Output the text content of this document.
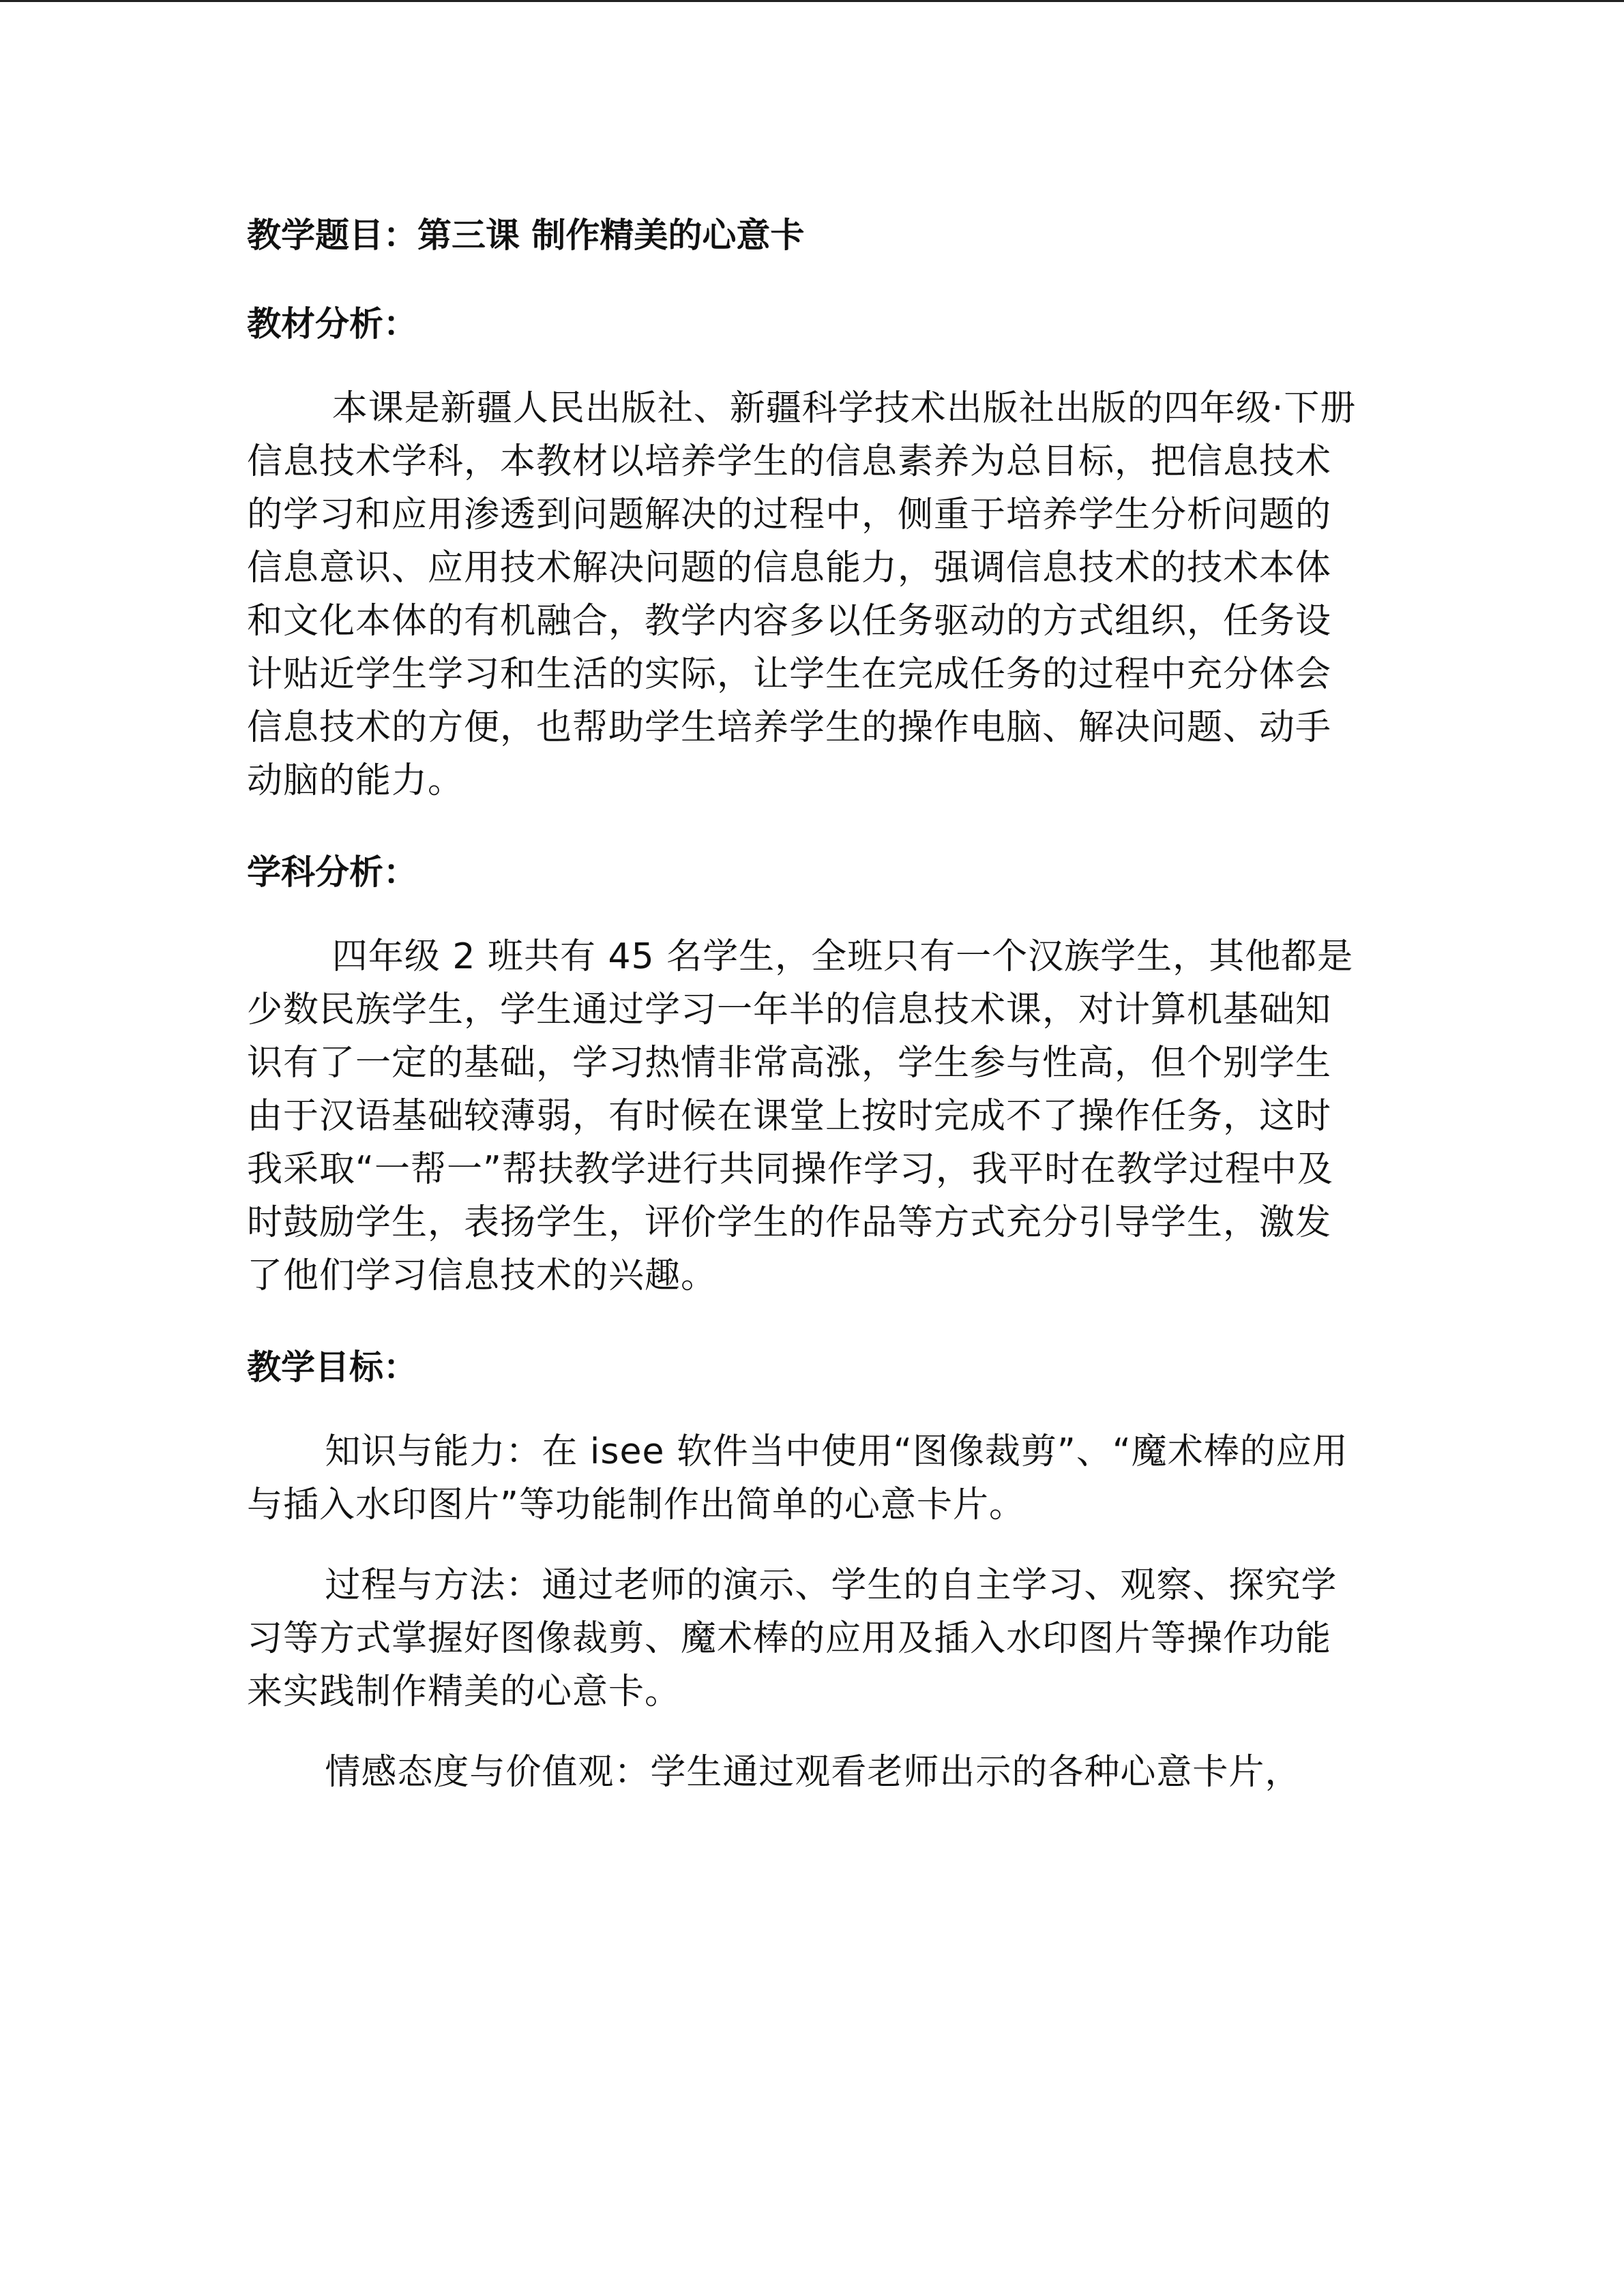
教学题目：第三课 制作精美的心意卡

教材分析：

本课是新疆人民出版社、新疆科学技术出版社出版的四年级·下册信息技术学科，本教材以培养学生的信息素养为总目标，把信息技术的学习和应用渗透到问题解决的过程中，侧重于培养学生分析问题的信息意识、应用技术解决问题的信息能力，强调信息技术的技术本体和文化本体的有机融合，教学内容多以任务驱动的方式组织，任务设计贴近学生学习和生活的实际，让学生在完成任务的过程中充分体会信息技术的方便，也帮助学生培养学生的操作电脑、解决问题、动手动脑的能力。

学科分析：

四年级 2 班共有 45 名学生，全班只有一个汉族学生，其他都是少数民族学生，学生通过学习一年半的信息技术课，对计算机基础知识有了一定的基础，学习热情非常高涨，学生参与性高，但个别学生由于汉语基础较薄弱，有时候在课堂上按时完成不了操作任务，这时我采取“一帮一”帮扶教学进行共同操作学习，我平时在教学过程中及时鼓励学生，表扬学生，评价学生的作品等方式充分引导学生，激发了他们学习信息技术的兴趣。

教学目标：

知识与能力：在 isee 软件当中使用“图像裁剪”、“魔术棒的应用与插入水印图片”等功能制作出简单的心意卡片。

过程与方法：通过老师的演示、学生的自主学习、观察、探究学习等方式掌握好图像裁剪、魔术棒的应用及插入水印图片等操作功能来实践制作精美的心意卡。

情感态度与价值观：学生通过观看老师出示的各种心意卡片，
